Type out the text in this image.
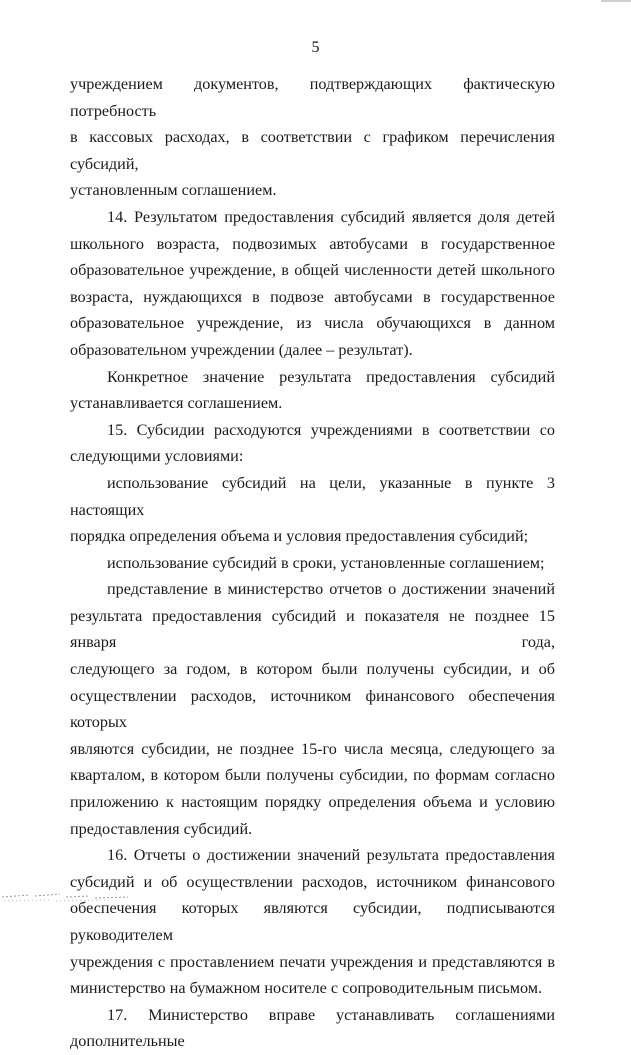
5

учреждением документов, подтверждающих фактическую потребность

в кассовых расходах, в соответствии с графиком перечисления субсидий,

установленным соглашением.

14. Результатом предоставления субсидий является доля детей

школьного возраста, подвозимых автобусами в государственное

образовательное учреждение, в общей численности детей школьного

возраста, нуждающихся в подвозе автобусами в государственное

образовательное учреждение, из числа обучающихся в данном

образовательном учреждении (далее – результат).

Конкретное значение результата предоставления субсидий

устанавливается соглашением.

15. Субсидии расходуются учреждениями в соответствии со

следующими условиями:

использование субсидий на цели, указанные в пункте 3 настоящих

порядка определения объема и условия предоставления субсидий;

использование субсидий в сроки, установленные соглашением;

представление в министерство отчетов о достижении значений

результата предоставления субсидий и показателя не позднее 15 января года,

следующего за годом, в котором были получены субсидии, и об

осуществлении расходов, источником финансового обеспечения которых

являются субсидии, не позднее 15-го числа месяца, следующего за

кварталом, в котором были получены субсидии, по формам согласно

приложению к настоящим порядку определения объема и условию

предоставления субсидий.

16. Отчеты о достижении значений результата предоставления

субсидий и об осуществлении расходов, источником финансового

обеспечения которых являются субсидии, подписываются руководителем

учреждения с проставлением печати учреждения и представляются в

министерство на бумажном носителе с сопроводительным письмом.

17. Министерство вправе устанавливать соглашениями дополнительные
